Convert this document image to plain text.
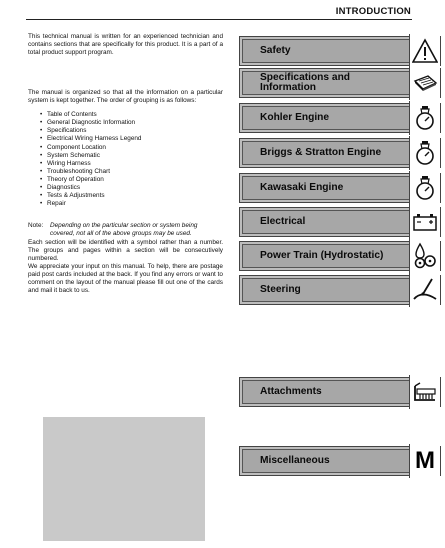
INTRODUCTION

This technical manual is written for an experienced technician and contains sections that are specifically for this product. It is a part of a total product support program.

The manual is organized so that all the information on a particular system is kept together. The order of grouping is as follows:

• Table of Contents
• General Diagnostic Information
• Specifications
• Electrical Wiring Harness Legend
• Component Location
• System Schematic
• Wiring Harness
• Troubleshooting Chart
• Theory of Operation
• Diagnostics
• Tests & Adjustments
• Repair
Note:	Depending on the particular section or system being covered, not all of the above groups may be used.

Each section will be identified with a symbol rather than a number. The groups and pages within a section will be consecutively numbered.

We appreciate your input on this manual. To help, there are postage paid post cards included at the back. If you find any errors or want to comment on the layout of the manual please fill out one of the cards and mail it back to us.

Safety
Specifications and Information
Kohler Engine
Briggs & Stratton Engine
Kawasaki Engine
Electrical
Power Train (Hydrostatic)
Steering
Attachments
Miscellaneous	M
